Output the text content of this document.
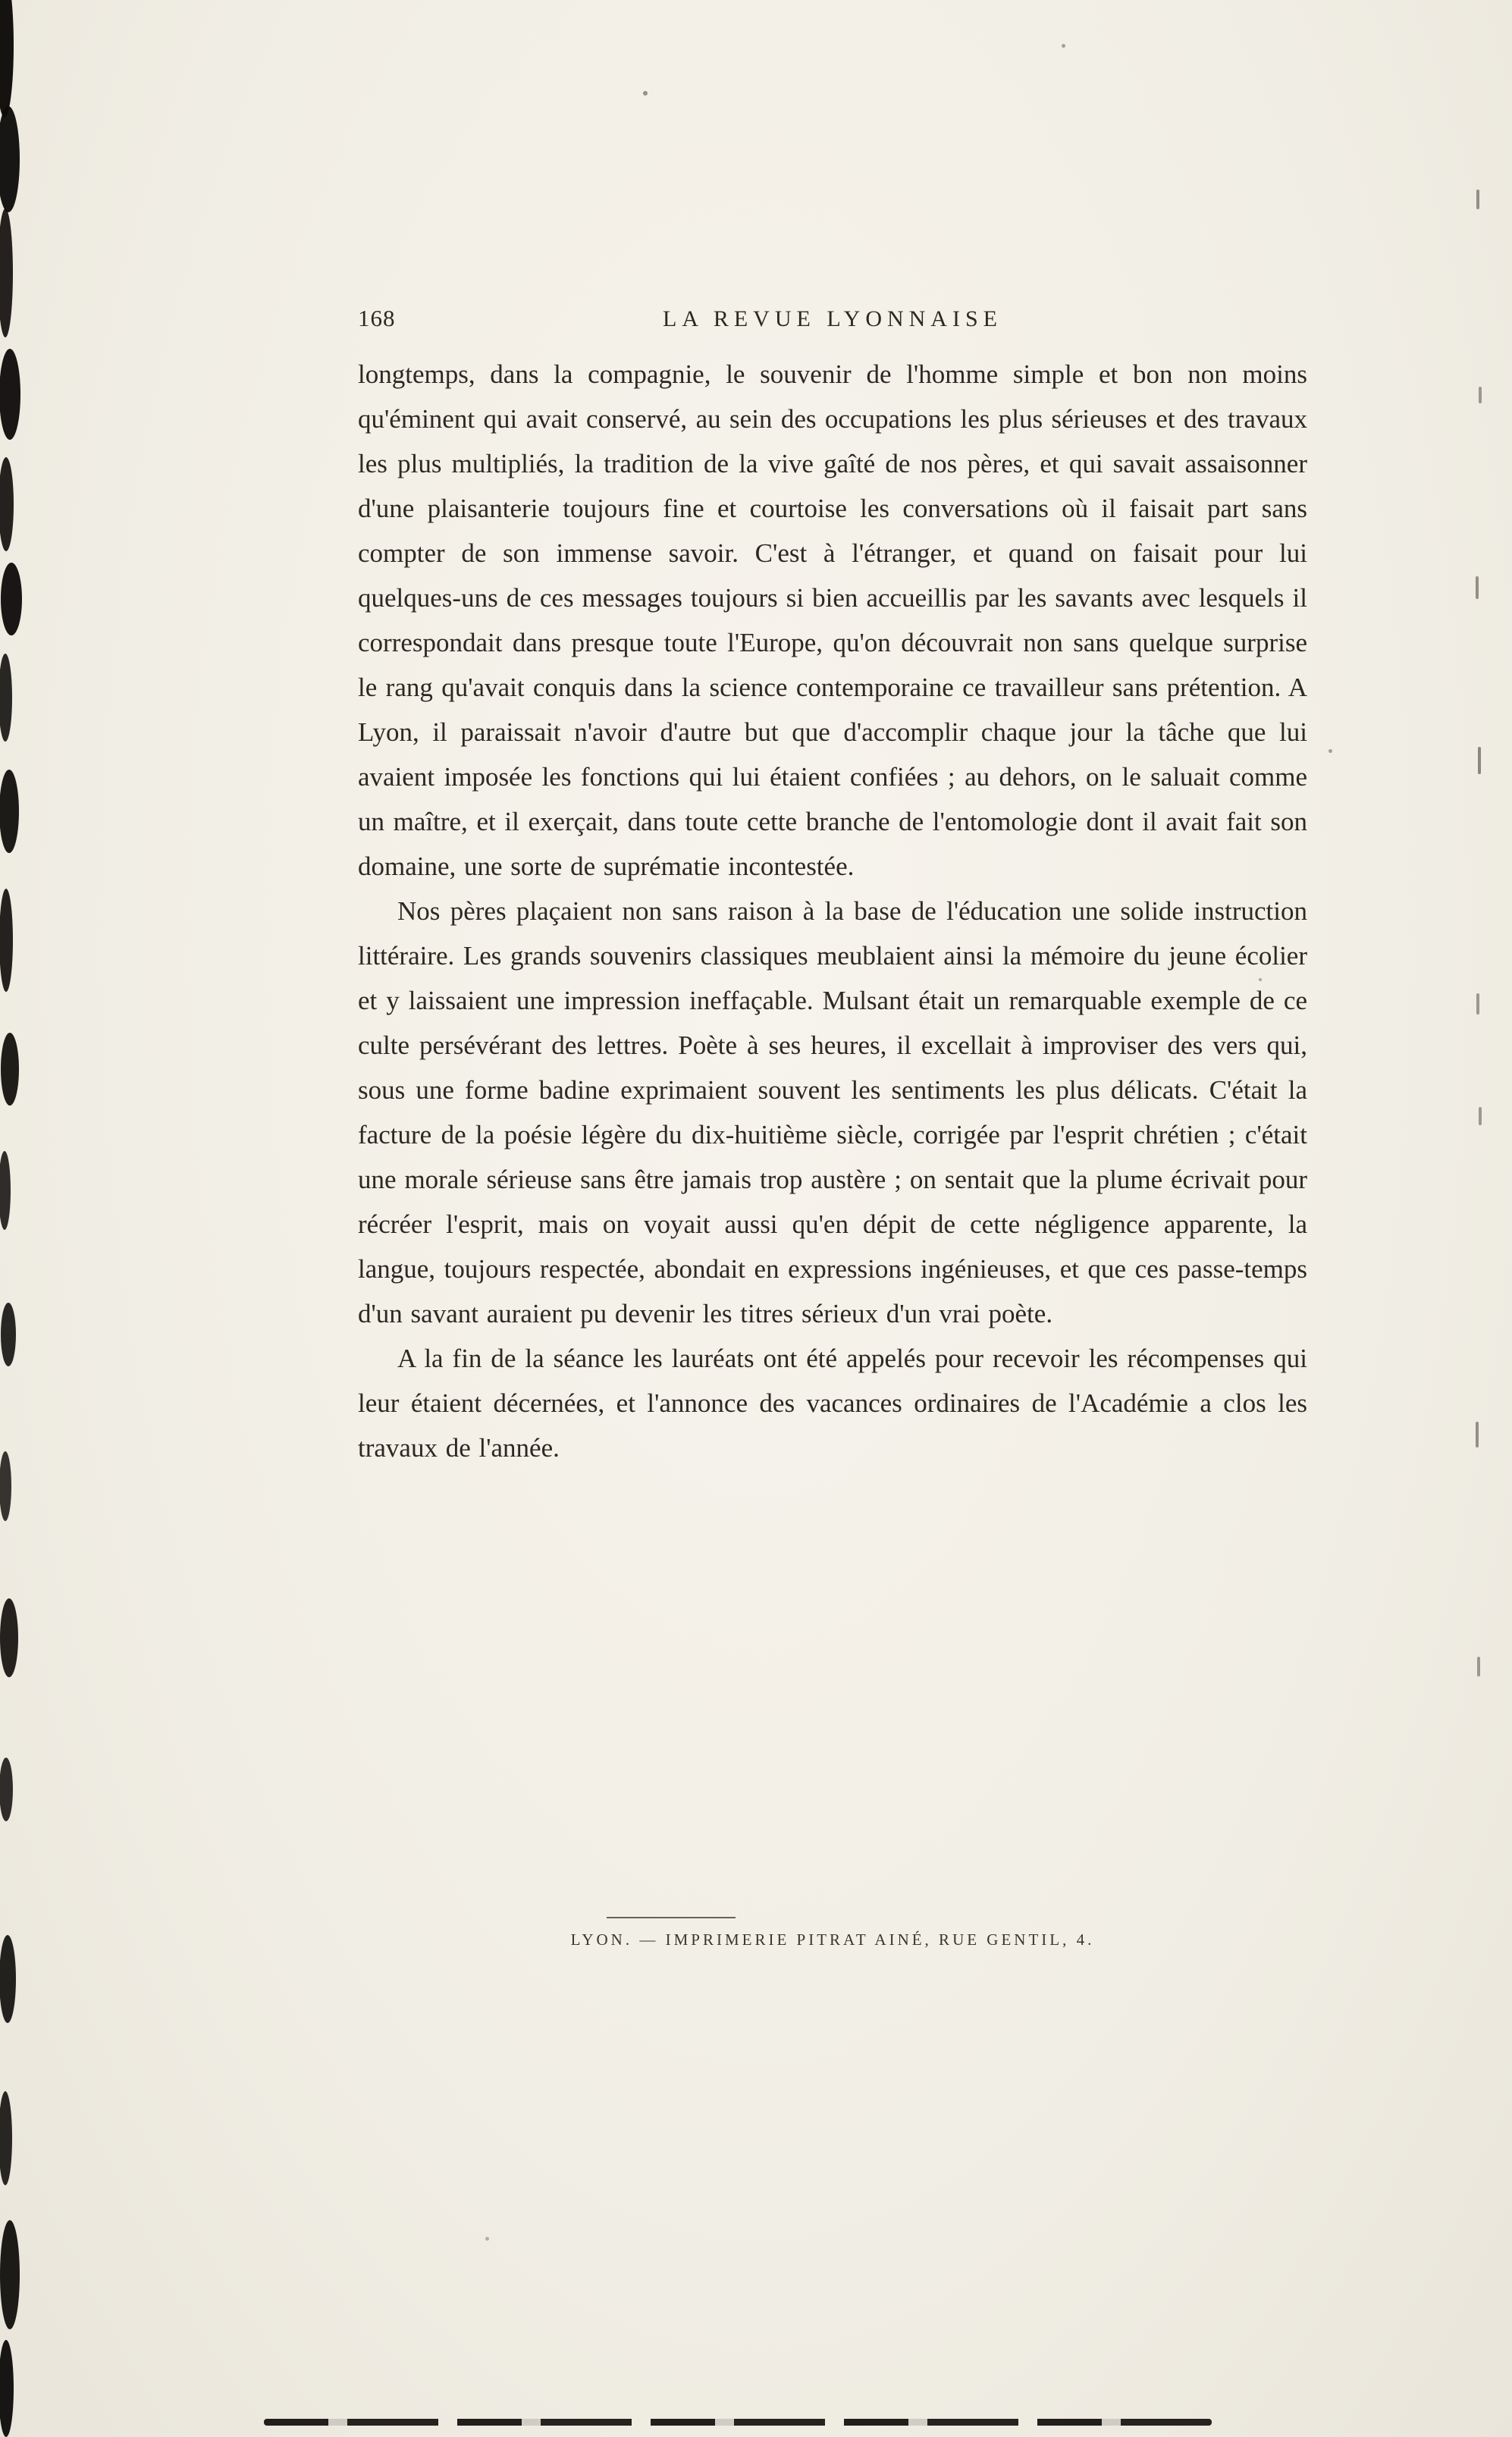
168	LA REVUE LYONNAISE

longtemps, dans la compagnie, le souvenir de l'homme simple et bon non moins qu'éminent qui avait conservé, au sein des occupations les plus sérieuses et des travaux les plus multipliés, la tradition de la vive gaîté de nos pères, et qui savait assaisonner d'une plaisanterie toujours fine et courtoise les conversations où il faisait part sans compter de son immense savoir. C'est à l'étranger, et quand on faisait pour lui quelques-uns de ces messages toujours si bien accueillis par les savants avec lesquels il correspondait dans presque toute l'Europe, qu'on découvrait non sans quelque surprise le rang qu'avait conquis dans la science contemporaine ce travailleur sans prétention. A Lyon, il paraissait n'avoir d'autre but que d'accomplir chaque jour la tâche que lui avaient imposée les fonctions qui lui étaient confiées ; au dehors, on le saluait comme un maître, et il exerçait, dans toute cette branche de l'entomologie dont il avait fait son domaine, une sorte de suprématie incontestée.

Nos pères plaçaient non sans raison à la base de l'éducation une solide instruction littéraire. Les grands souvenirs classiques meublaient ainsi la mémoire du jeune écolier et y laissaient une impression ineffaçable. Mulsant était un remarquable exemple de ce culte persévérant des lettres. Poète à ses heures, il excellait à improviser des vers qui, sous une forme badine exprimaient souvent les sentiments les plus délicats. C'était la facture de la poésie légère du dix-huitième siècle, corrigée par l'esprit chrétien ; c'était une morale sérieuse sans être jamais trop austère ; on sentait que la plume écrivait pour récréer l'esprit, mais on voyait aussi qu'en dépit de cette négligence apparente, la langue, toujours respectée, abondait en expressions ingénieuses, et que ces passe-temps d'un savant auraient pu devenir les titres sérieux d'un vrai poète.

A la fin de la séance les lauréats ont été appelés pour recevoir les récompenses qui leur étaient décernées, et l'annonce des vacances ordinaires de l'Académie a clos les travaux de l'année.

LYON. — IMPRIMERIE PITRAT AINÉ, RUE GENTIL, 4.
